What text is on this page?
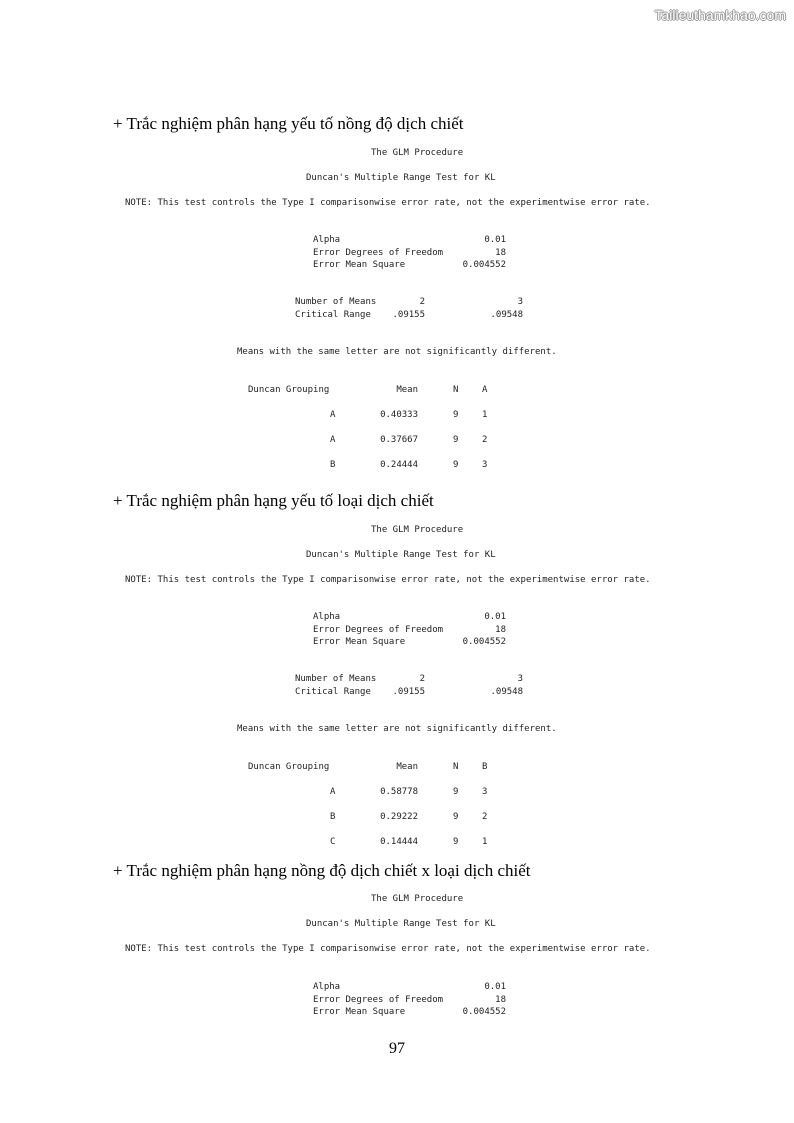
Tailieuthamkhao.com
+ Trắc nghiệm phân hạng yếu tố nồng độ dịch chiết
The GLM Procedure
Duncan's Multiple Range Test for KL
NOTE: This test controls the Type I comparisonwise error rate, not the experimentwise error rate.
Alpha	0.01
Error Degrees of Freedom	18
Error Mean Square	0.004552
Number of Means	2	3
Critical Range	.09155	.09548
Means with the same letter are not significantly different.
Duncan Grouping	Mean	N	A
A	0.40333	9	1
A	0.37667	9	2
B	0.24444	9	3
+ Trắc nghiệm phân hạng yếu tố loại dịch chiết
The GLM Procedure
Duncan's Multiple Range Test for KL
NOTE: This test controls the Type I comparisonwise error rate, not the experimentwise error rate.
Alpha	0.01
Error Degrees of Freedom	18
Error Mean Square	0.004552
Number of Means	2	3
Critical Range	.09155	.09548
Means with the same letter are not significantly different.
Duncan Grouping	Mean	N	B
A	0.58778	9	3
B	0.29222	9	2
C	0.14444	9	1
+ Trắc nghiệm phân hạng nồng độ dịch chiết x loại dịch chiết
The GLM Procedure
Duncan's Multiple Range Test for KL
NOTE: This test controls the Type I comparisonwise error rate, not the experimentwise error rate.
Alpha	0.01
Error Degrees of Freedom	18
Error Mean Square	0.004552
97
